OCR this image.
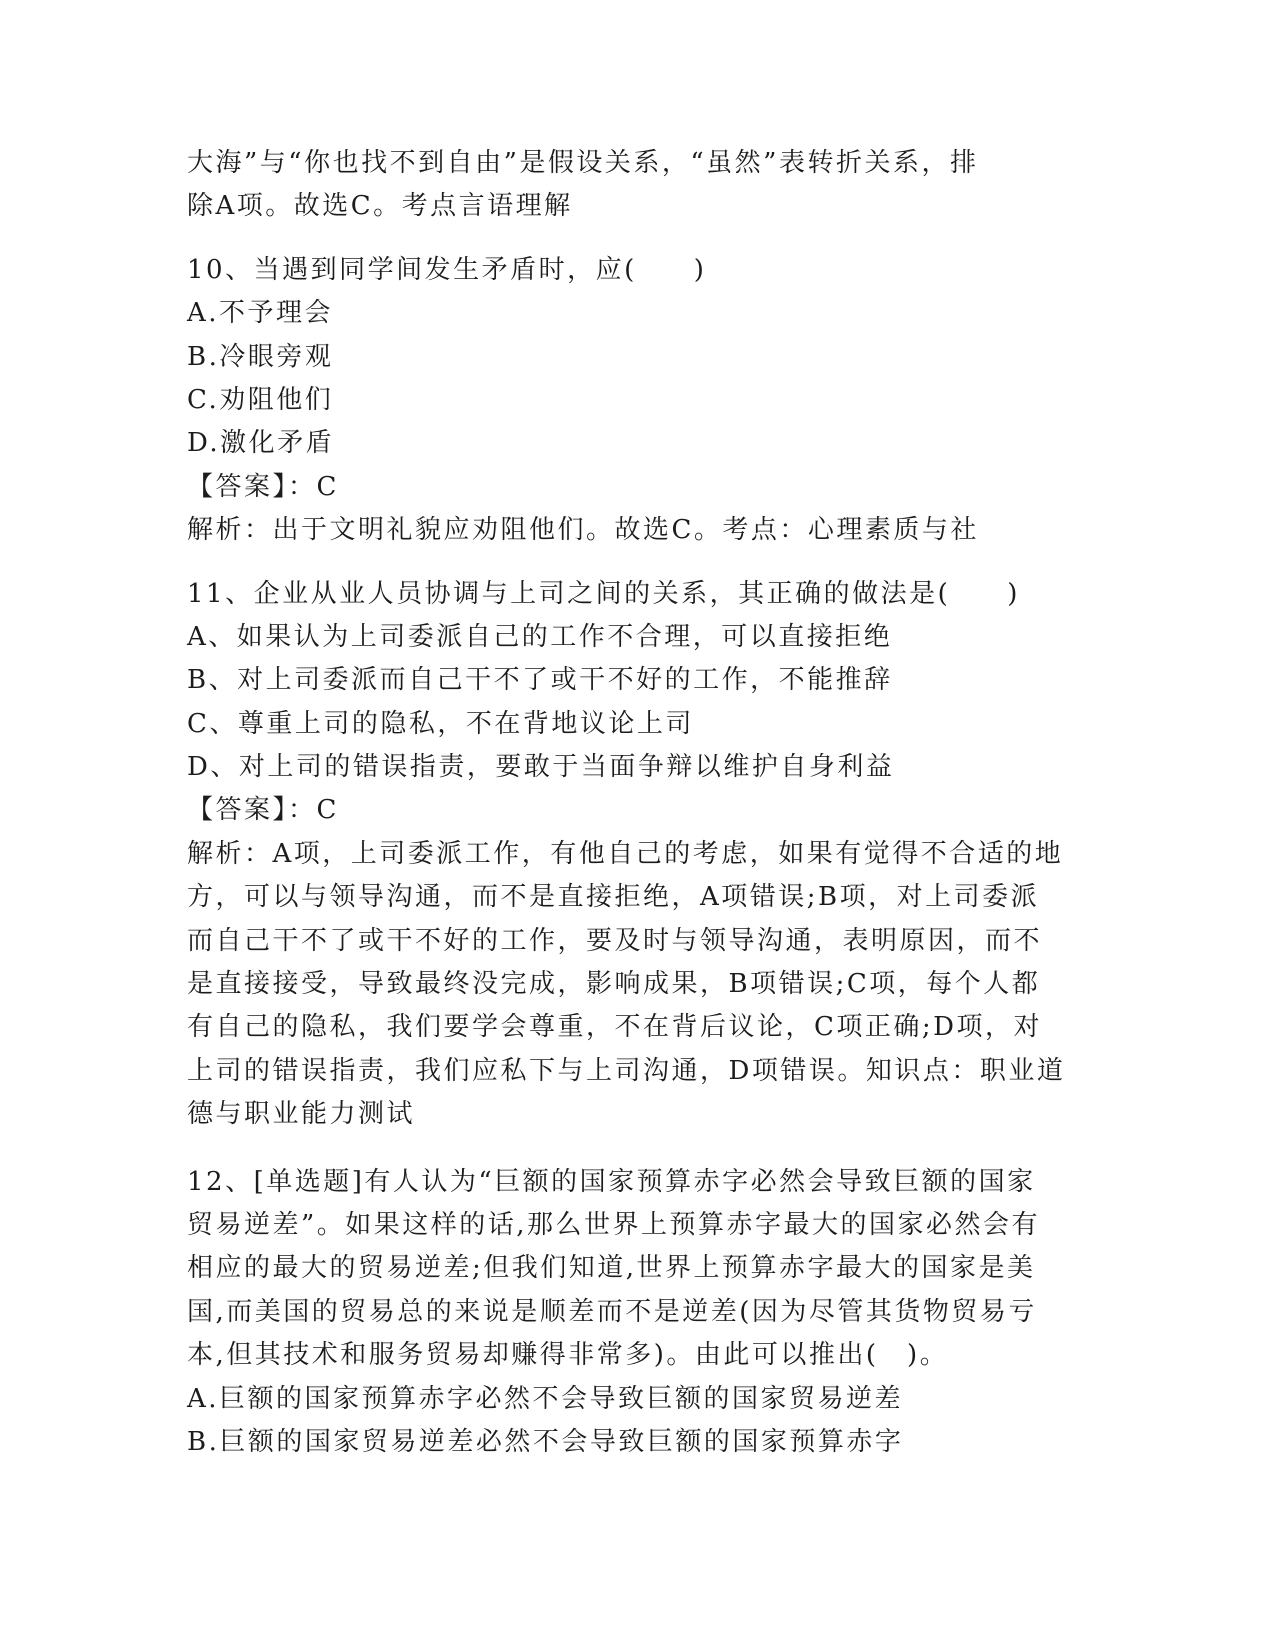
大海”与“你也找不到自由”是假设关系，“虽然”表转折关系，排
除A项。故选C。考点言语理解
10、当遇到同学间发生矛盾时，应(　　)
A.不予理会
B.冷眼旁观
C.劝阻他们
D.激化矛盾
【答案】：C
解析：出于文明礼貌应劝阻他们。故选C。考点：心理素质与社
11、企业从业人员协调与上司之间的关系，其正确的做法是(　　)
A、如果认为上司委派自己的工作不合理，可以直接拒绝
B、对上司委派而自己干不了或干不好的工作，不能推辞
C、尊重上司的隐私，不在背地议论上司
D、对上司的错误指责，要敢于当面争辩以维护自身利益
【答案】：C
解析：A项，上司委派工作，有他自己的考虑，如果有觉得不合适的地
方，可以与领导沟通，而不是直接拒绝，A项错误;B项，对上司委派
而自己干不了或干不好的工作，要及时与领导沟通，表明原因，而不
是直接接受，导致最终没完成，影响成果，B项错误;C项，每个人都
有自己的隐私，我们要学会尊重，不在背后议论，C项正确;D项，对
上司的错误指责，我们应私下与上司沟通，D项错误。知识点：职业道
德与职业能力测试
12、[单选题]有人认为“巨额的国家预算赤字必然会导致巨额的国家
贸易逆差”。如果这样的话,那么世界上预算赤字最大的国家必然会有
相应的最大的贸易逆差;但我们知道,世界上预算赤字最大的国家是美
国,而美国的贸易总的来说是顺差而不是逆差(因为尽管其货物贸易亏
本,但其技术和服务贸易却赚得非常多)。由此可以推出(　)。
A.巨额的国家预算赤字必然不会导致巨额的国家贸易逆差
B.巨额的国家贸易逆差必然不会导致巨额的国家预算赤字
